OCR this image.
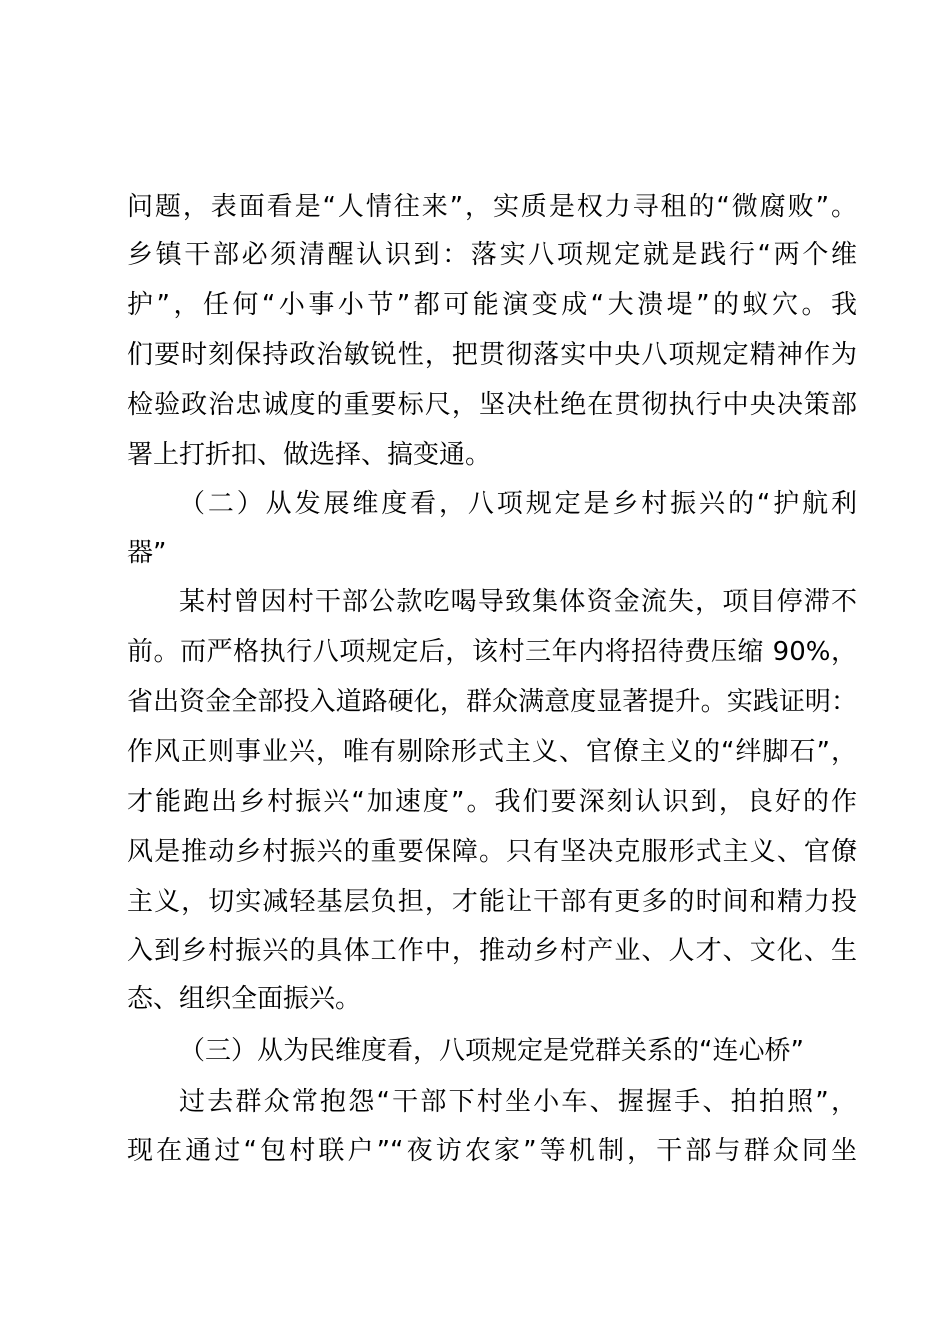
问题，表面看是“人情往来”，实质是权力寻租的“微腐败”。
乡镇干部必须清醒认识到：落实八项规定就是践行“两个维
护”，任何“小事小节”都可能演变成“大溃堤”的蚁穴。我
们要时刻保持政治敏锐性，把贯彻落实中央八项规定精神作为
检验政治忠诚度的重要标尺，坚决杜绝在贯彻执行中央决策部
署上打折扣、做选择、搞变通。
（二）从发展维度看，八项规定是乡村振兴的“护航利
器”
某村曾因村干部公款吃喝导致集体资金流失，项目停滞不
前。而严格执行八项规定后，该村三年内将招待费压缩 90%，
省出资金全部投入道路硬化，群众满意度显著提升。实践证明：
作风正则事业兴，唯有剔除形式主义、官僚主义的“绊脚石”，
才能跑出乡村振兴“加速度”。我们要深刻认识到，良好的作
风是推动乡村振兴的重要保障。只有坚决克服形式主义、官僚
主义，切实减轻基层负担，才能让干部有更多的时间和精力投
入到乡村振兴的具体工作中，推动乡村产业、人才、文化、生
态、组织全面振兴。
（三）从为民维度看，八项规定是党群关系的“连心桥”
过去群众常抱怨“干部下村坐小车、握握手、拍拍照”，
现在通过“包村联户”“夜访农家”等机制，干部与群众同坐
